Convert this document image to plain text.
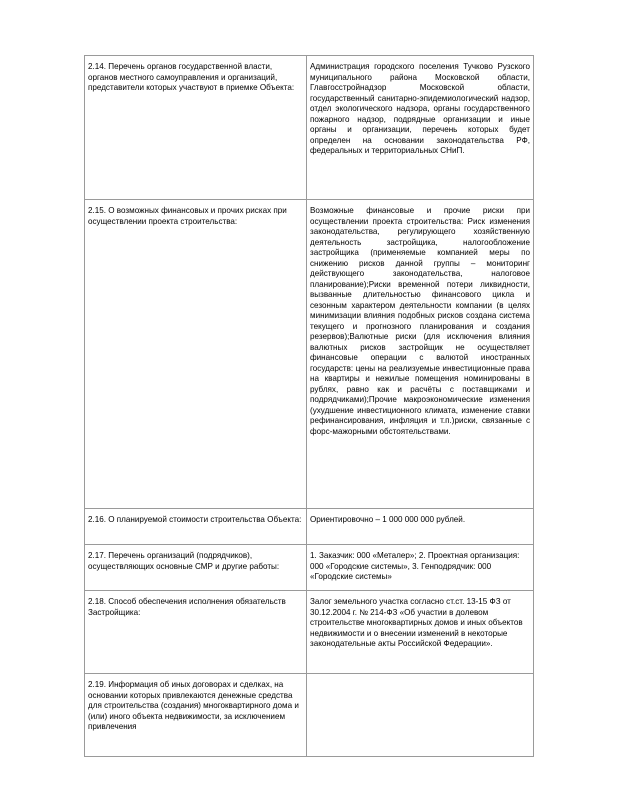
2.14. Перечень органов государственной власти, органов местного самоуправления и организаций, представители которых участвуют в приемке Объекта:	Администрация городского поселения Тучково Рузского муниципального района Московской области, Главгосстройнадзор Московской области, государственный санитарно-эпидемиологический надзор, отдел экологического надзора, органы государственного пожарного надзор, подрядные организации и иные органы и организации, перечень которых будет определен на основании законодательства РФ, федеральных и территориальных СНиП.
2.15. О возможных финансовых и прочих рисках при осуществлении проекта строительства:	Возможные финансовые и прочие риски при осуществлении проекта строительства: Риск изменения законодательства, регулирующего хозяйственную деятельность застройщика, налогообложение застройщика (применяемые компанией меры по снижению рисков данной группы – мониторинг действующего законодательства, налоговое планирование);Риски временной потери ликвидности, вызванные длительностью финансового цикла и сезонным характером деятельности компании (в целях минимизации влияния подобных рисков создана система текущего и прогнозного планирования и создания резервов);Валютные риски (для исключения влияния валютных рисков застройщик не осуществляет финансовые операции с валютой иностранных государств: цены на реализуемые инвестиционные права на квартиры и нежилые помещения номинированы в рублях, равно как и расчёты с поставщиками и подрядчиками);Прочие макроэкономические изменения (ухудшение инвестиционного климата, изменение ставки рефинансирования, инфляция и т.п.)риски, связанные с форс-мажорными обстоятельствами.
2.16. О планируемой стоимости строительства Объекта:	Ориентировочно – 1 000 000 000 рублей.
2.17. Перечень организаций (подрядчиков), осуществляющих основные СМР и другие работы:	1. Заказчик: 000 «Металер»; 2. Проектная организация: 000 «Городские системы», 3. Генподрядчик: 000 «Городские системы»
2.18. Способ обеспечения исполнения обязательств Застройщика:	Залог земельного участка согласно ст.ст. 13-15 ФЗ от 30.12.2004 г. № 214-ФЗ «Об участии в долевом строительстве многоквартирных домов и иных объектов недвижимости и о внесении изменений в некоторые законодательные акты Российской Федерации».
2.19. Информация об иных договорах и сделках, на основании которых привлекаются денежные средства для строительства (создания) многоквартирного дома и (или) иного объекта недвижимости, за исключением привлечения	
